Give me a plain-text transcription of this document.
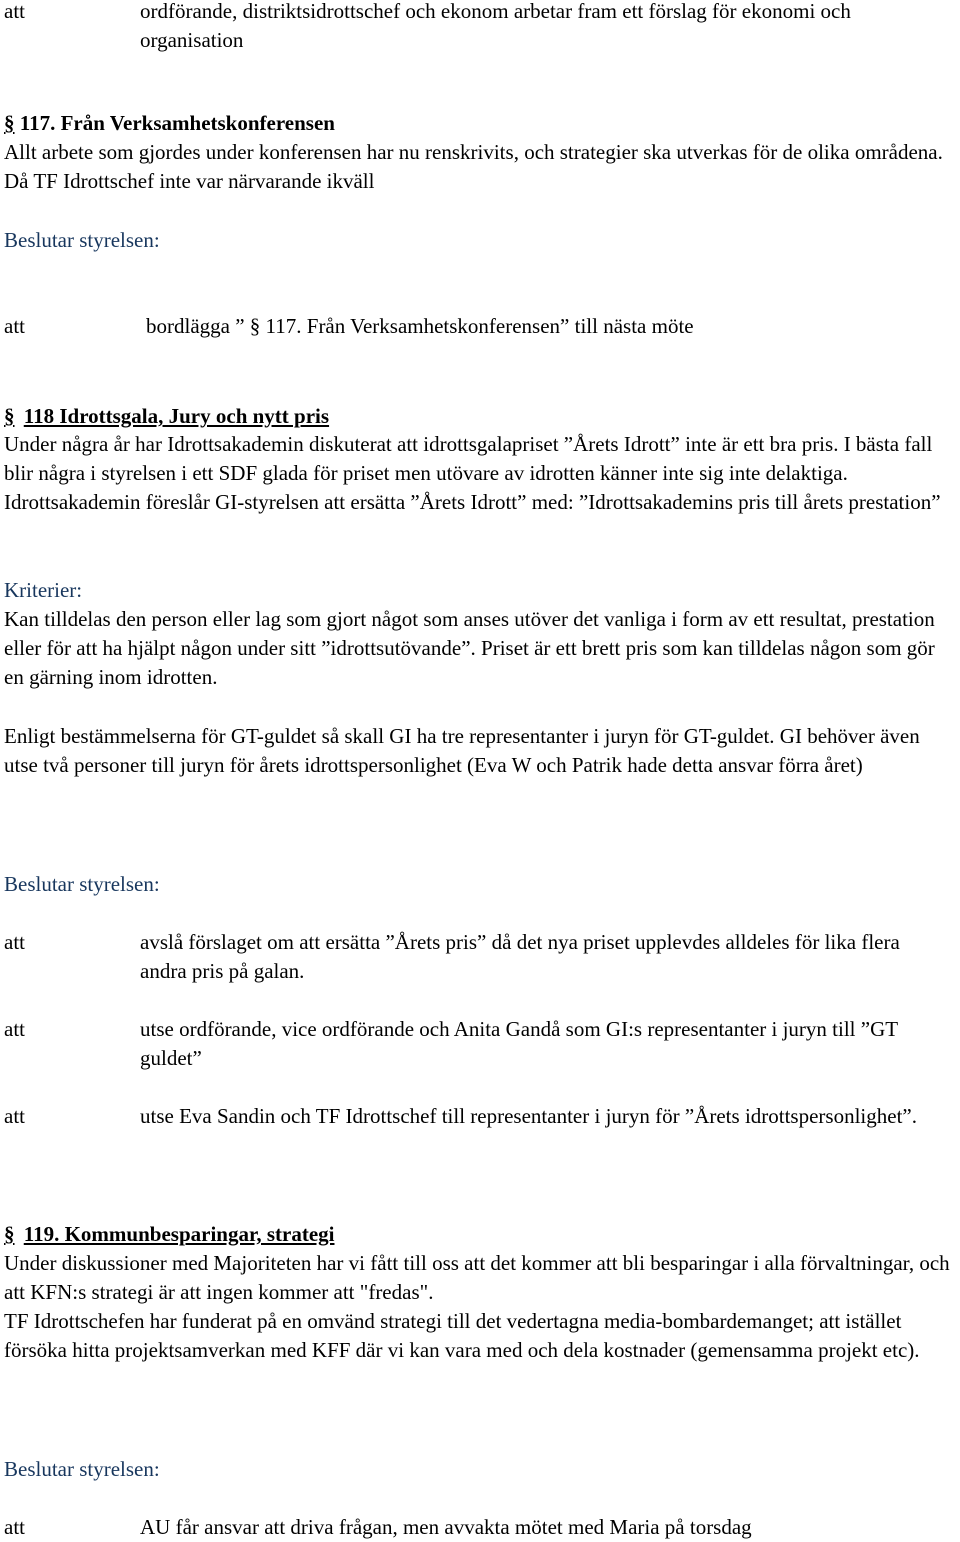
att	ordförande, distriktsidrottschef och ekonom arbetar fram ett förslag för ekonomi och organisation
§ 117. Från Verksamhetskonferensen

Allt arbete som gjordes under konferensen har nu renskrivits, och strategier ska utverkas för de olika områdena. Då TF Idrottschef inte var närvarande ikväll

Beslutar styrelsen:
att	bordlägga ” § 117. Från Verksamhetskonferensen” till nästa möte
§ 118 Idrottsgala, Jury och nytt pris

Under några år har Idrottsakademin diskuterat att idrottsgalapriset ”Årets Idrott” inte är ett bra pris. I bästa fall blir några i styrelsen i ett SDF glada för priset men utövare av idrotten känner inte sig inte delaktiga. Idrottsakademin föreslår GI-styrelsen att ersätta ”Årets Idrott” med: ”Idrottsakademins pris till årets prestation”

Kriterier:

Kan tilldelas den person eller lag som gjort något som anses utöver det vanliga i form av ett resultat, prestation eller för att ha hjälpt någon under sitt ”idrottsutövande”. Priset är ett brett pris som kan tilldelas någon som gör en gärning inom idrotten.

Enligt bestämmelserna för GT-guldet så skall GI ha tre representanter i juryn för GT-guldet. GI behöver även utse två personer till juryn för årets idrottspersonlighet (Eva W och Patrik hade detta ansvar förra året)

Beslutar styrelsen:
att	avslå förslaget om att ersätta ”Årets pris” då det nya priset upplevdes alldeles för lika flera andra pris på galan.
att	utse ordförande, vice ordförande och Anita Gandå som GI:s representanter i juryn till ”GT guldet”
att	utse Eva Sandin och TF Idrottschef till representanter i juryn för ”Årets idrottspersonlighet”.
§ 119. Kommunbesparingar, strategi

Under diskussioner med Majoriteten har vi fått till oss att det kommer att bli besparingar i alla förvaltningar, och att KFN:s strategi är att ingen kommer att "fredas".

TF Idrottschefen har funderat på en omvänd strategi till det vedertagna media-bombardemanget; att istället försöka hitta projektsamverkan med KFF där vi kan vara med och dela kostnader (gemensamma projekt etc).

Beslutar styrelsen:
att	AU får ansvar att driva frågan, men avvakta mötet med Maria på torsdag
